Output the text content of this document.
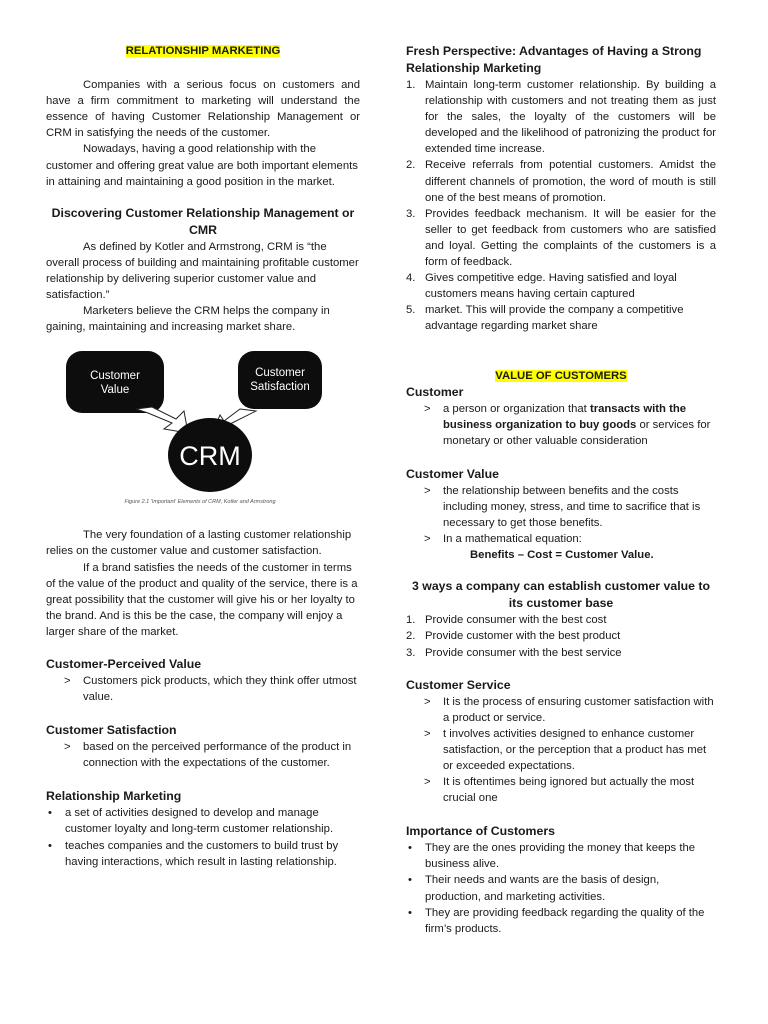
RELATIONSHIP MARKETING

Companies with a serious focus on customers and have a firm commitment to marketing will understand the essence of having Customer Relationship Management or CRM in satisfying the needs of the customer.

Nowadays, having a good relationship with the customer and offering great value are both important elements in attaining and maintaining a good position in the market.

Discovering Customer Relationship Management or CMR

As defined by Kotler and Armstrong, CRM is “the overall process of building and maintaining profitable customer relationship by delivering superior customer value and satisfaction.”

Marketers believe the CRM helps the company in gaining, maintaining and increasing market share.

Customer
Value
Customer
Satisfaction
CRM
Figure 2.1 'Important' Elements of CRM, Kotler and Armstrong

The very foundation of a lasting customer relationship relies on the customer value and customer satisfaction.

If a brand satisfies the needs of the customer in terms of the value of the product and quality of the service, there is a great possibility that the customer will give his or her loyalty to the brand. And is this be the case, the company will enjoy a larger share of the market.

Customer-Perceived Value

> Customers pick products, which they think offer utmost value.

Customer Satisfaction

> based on the perceived performance of the product in connection with the expectations of the customer.

Relationship Marketing

• a set of activities designed to develop and manage customer loyalty and long-term customer relationship.
• teaches companies and the customers to build trust by having interactions, which result in lasting relationship.

Fresh Perspective: Advantages of Having a Strong Relationship Marketing

1. Maintain long-term customer relationship. By building a relationship with customers and not treating them as just for the sales, the loyalty of the customers will be developed and the likelihood of patronizing the product for extended time increase.
2. Receive referrals from potential customers. Amidst the different channels of promotion, the word of mouth is still one of the best means of promotion.
3. Provides feedback mechanism. It will be easier for the seller to get feedback from customers who are satisfied and loyal. Getting the complaints of the customers is a form of feedback.
4. Gives competitive edge. Having satisfied and loyal customers means having certain captured
5. market. This will provide the company a competitive advantage regarding market share

VALUE OF CUSTOMERS

Customer

> a person or organization that transacts with the business organization to buy goods or services for monetary or other valuable consideration

Customer Value

> the relationship between benefits and the costs including money, stress, and time to sacrifice that is necessary to get those benefits.
> In a mathematical equation:

Benefits – Cost = Customer Value.

3 ways a company can establish customer value to its customer base

1. Provide consumer with the best cost
2. Provide customer with the best product
3. Provide consumer with the best service

Customer Service

> It is the process of ensuring customer satisfaction with a product or service.
> t involves activities designed to enhance customer satisfaction, or the perception that a product has met or exceeded expectations.
> It is oftentimes being ignored but actually the most crucial one

Importance of Customers

• They are the ones providing the money that keeps the business alive.
• Their needs and wants are the basis of design, production, and marketing activities.
• They are providing feedback regarding the quality of the firm’s products.
